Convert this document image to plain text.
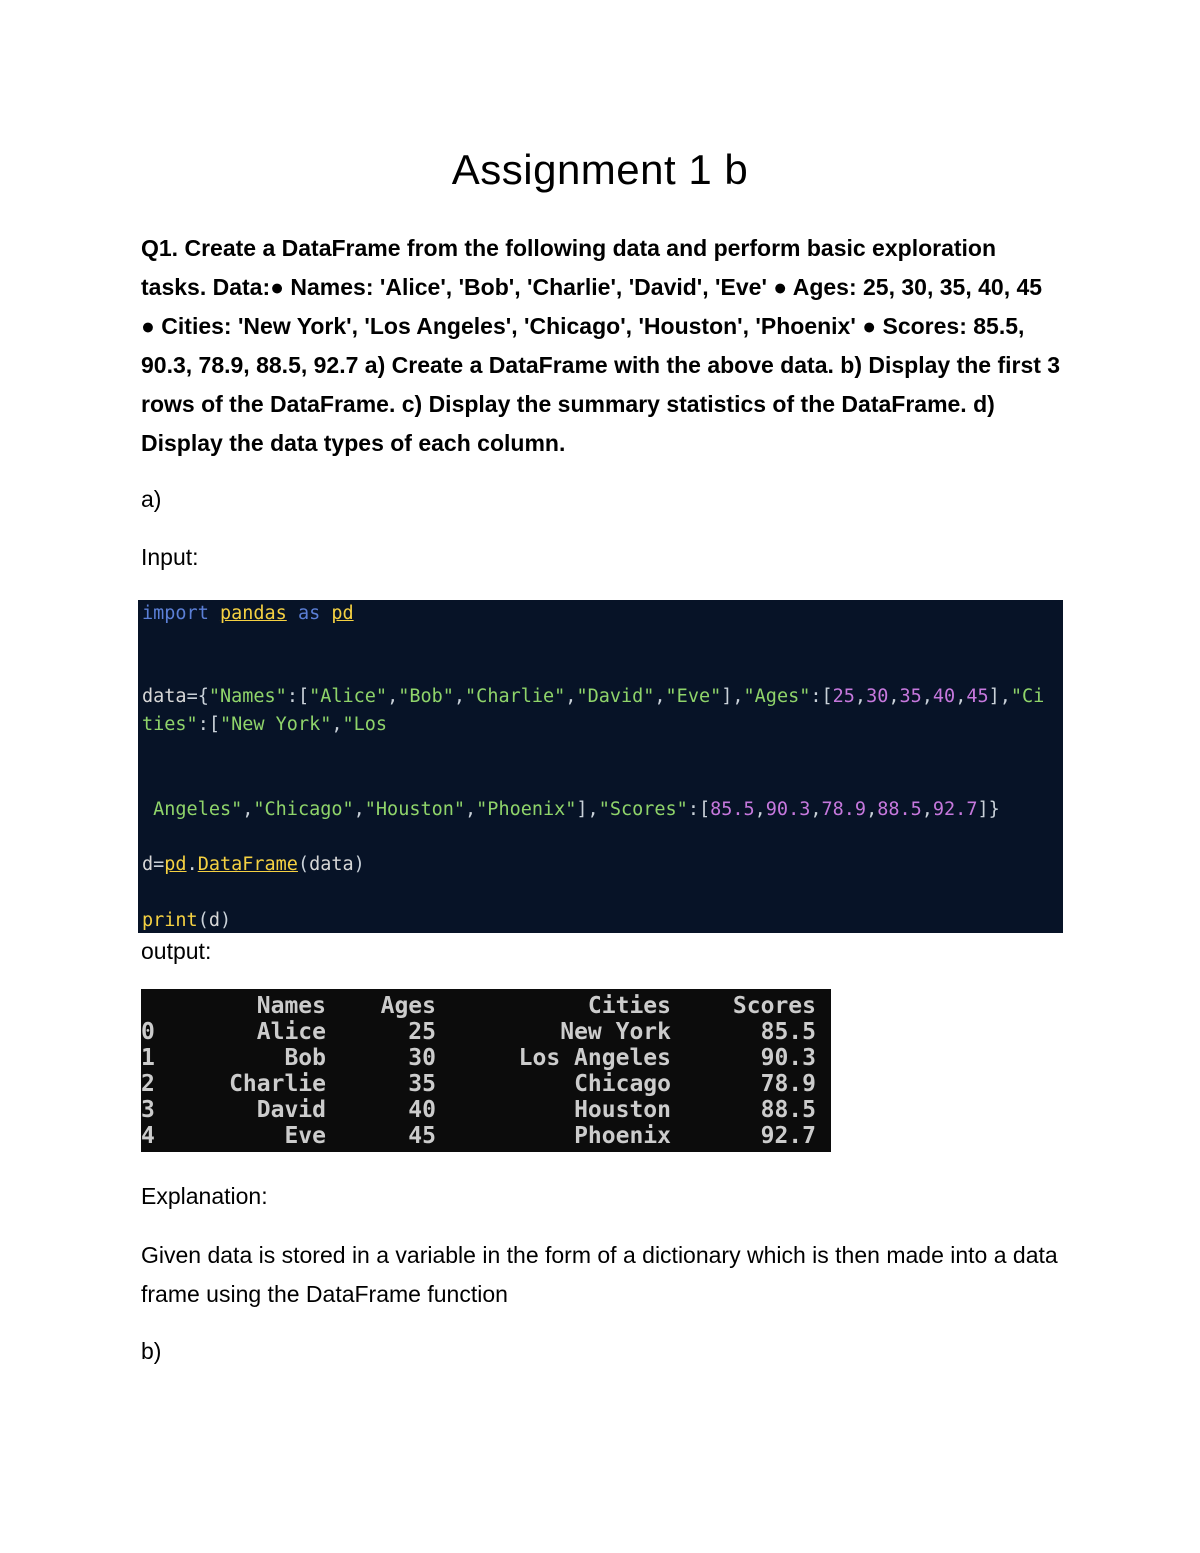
Assignment 1 b
Q1. Create a DataFrame from the following data and perform basic exploration tasks. Data:● Names: 'Alice', 'Bob', 'Charlie', 'David', 'Eve' ● Ages: 25, 30, 35, 40, 45 ● Cities: 'New York', 'Los Angeles', 'Chicago', 'Houston', 'Phoenix' ● Scores: 85.5, 90.3, 78.9, 88.5, 92.7 a) Create a DataFrame with the above data. b) Display the first 3 rows of the DataFrame. c) Display the summary statistics of the DataFrame. d) Display the data types of each column.
a)
Input:

import pandas as pd

data={"Names":["Alice","Bob","Charlie","David","Eve"],"Ages":[25,30,35,40,45],"Ci

ties":["New York","Los

Angeles","Chicago","Houston","Phoenix"],"Scores":[85.5,90.3,78.9,88.5,92.7]}

d=pd.DataFrame(data)

print(d)

output:
	Names	Ages	Cities	Scores
0	Alice	25	New York	85.5
1	Bob	30	Los Angeles	90.3
2	Charlie	35	Chicago	78.9
3	David	40	Houston	88.5
4	Eve	45	Phoenix	92.7
Explanation:
Given data is stored in a variable in the form of a dictionary which is then made into a data frame using the DataFrame function
b)
